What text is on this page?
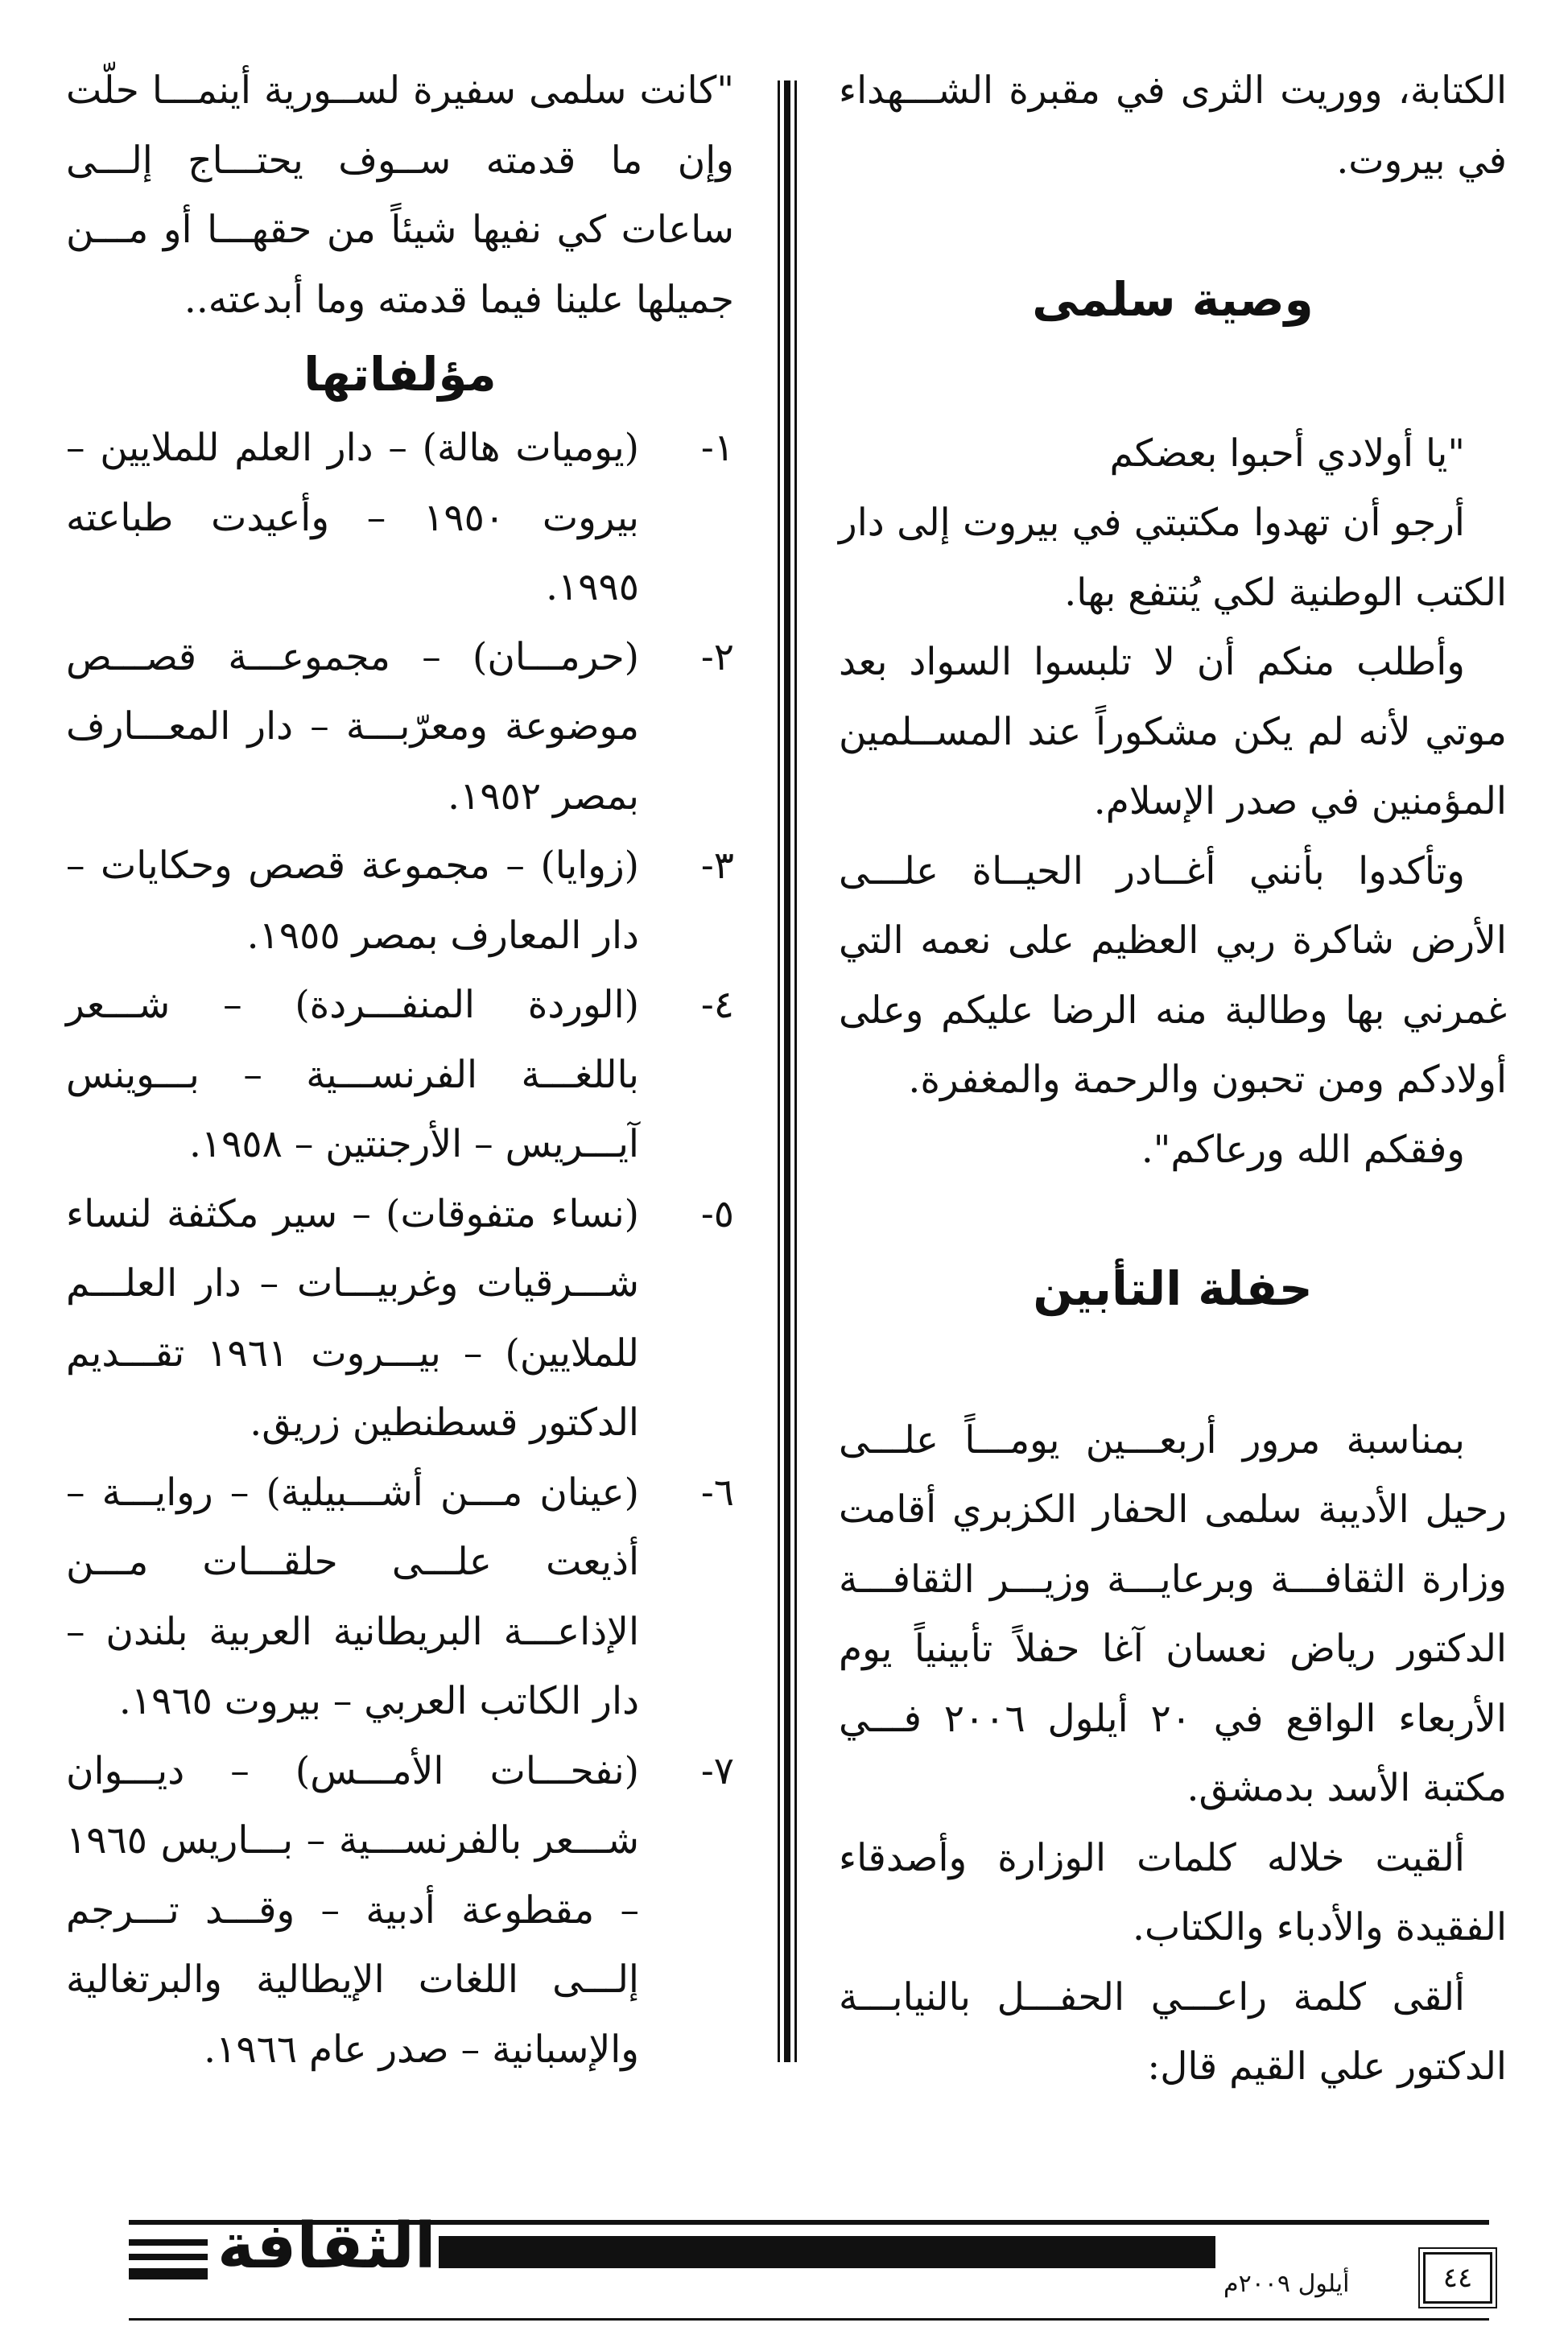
الكتابة، ووريت الثرى في مقبرة الشـــهداء في بيروت.

وصية سلمى

"يا أولادي أحبوا بعضكم

أرجو أن تهدوا مكتبتي في بيروت إلى دار الكتب الوطنية لكي يُنتفع بها.

وأطلب منكم أن لا تلبسوا السواد بعد موتي لأنه لم يكن مشكوراً عند المســلمين المؤمنين في صدر الإسلام.

وتأكدوا بأنني أغــادر الحيــاة علـــى الأرض شاكرة ربي العظيم على نعمه التي غمرني بها وطالبة منه الرضا عليكم وعلى أولادكم ومن تحبون والرحمة والمغفرة.

وفقكم الله ورعاكم".

حفلة التأبين

بمناسبة مرور أربعـــين يومـــاً علـــى رحيل الأديبة سلمى الحفار الكزبري أقامت وزارة الثقافـــة وبرعايـــة وزيـــر الثقافـــة الدكتور رياض نعسان آغا حفلاً تأبينياً يوم الأربعاء الواقع في ٢٠ أيلول ٢٠٠٦ فـــي مكتبة الأسد بدمشق.

ألقيت خلاله كلمات الوزارة وأصدقاء الفقيدة والأدباء والكتاب.

ألقى كلمة راعـــي الحفـــل بالنيابـــة الدكتور علي القيم قال:

"كانت سلمى سفيرة لســورية أينمـــا حلّت وإن ما قدمته ســوف يحتـــاج إلـــى ساعات كي نفيها شيئاً من حقهـــا أو مـــن جميلها علينا فيما قدمته وما أبدعته..

مؤلفاتها
١-
(يوميات هالة) – دار العلم للملايين – بيروت ١٩٥٠ – وأعيدت طباعته ١٩٩٥.
٢-
(حرمـــان) – مجموعـــة قصـــص موضوعة ومعرّبـــة – دار المعـــارف بمصر ١٩٥٢.
٣-
(زوايا) – مجموعة قصص وحكايات – دار المعارف بمصر ١٩٥٥.
٤-
(الوردة المنفـــردة) – شـــعر باللغـــة الفرنســـية – بـــوينس آيـــريس – الأرجنتين – ١٩٥٨.
٥-
(نساء متفوقات) – سير مكثفة لنساء شـــرقيات وغربيـــات – دار العلـــم للملايين) – بيـــروت ١٩٦١ تقـــديم الدكتور قسطنطين زريق.
٦-
(عينان مـــن أشـــبيلية) – روايـــة – أذيعت علـــى حلقـــات مـــن الإذاعـــة البريطانية العربية بلندن – دار الكاتب العربي – بيروت ١٩٦٥.
٧-
(نفحـــات الأمـــس) – ديـــوان شـــعر بالفرنســـية – بـــاريس ١٩٦٥ – مقطوعة أدبية – وقـــد تـــرجم إلـــى اللغات الإيطالية والبرتغالية والإسبانية – صدر عام ١٩٦٦.
الثقافة
أيلول ٢٠٠٩م	٤٤
